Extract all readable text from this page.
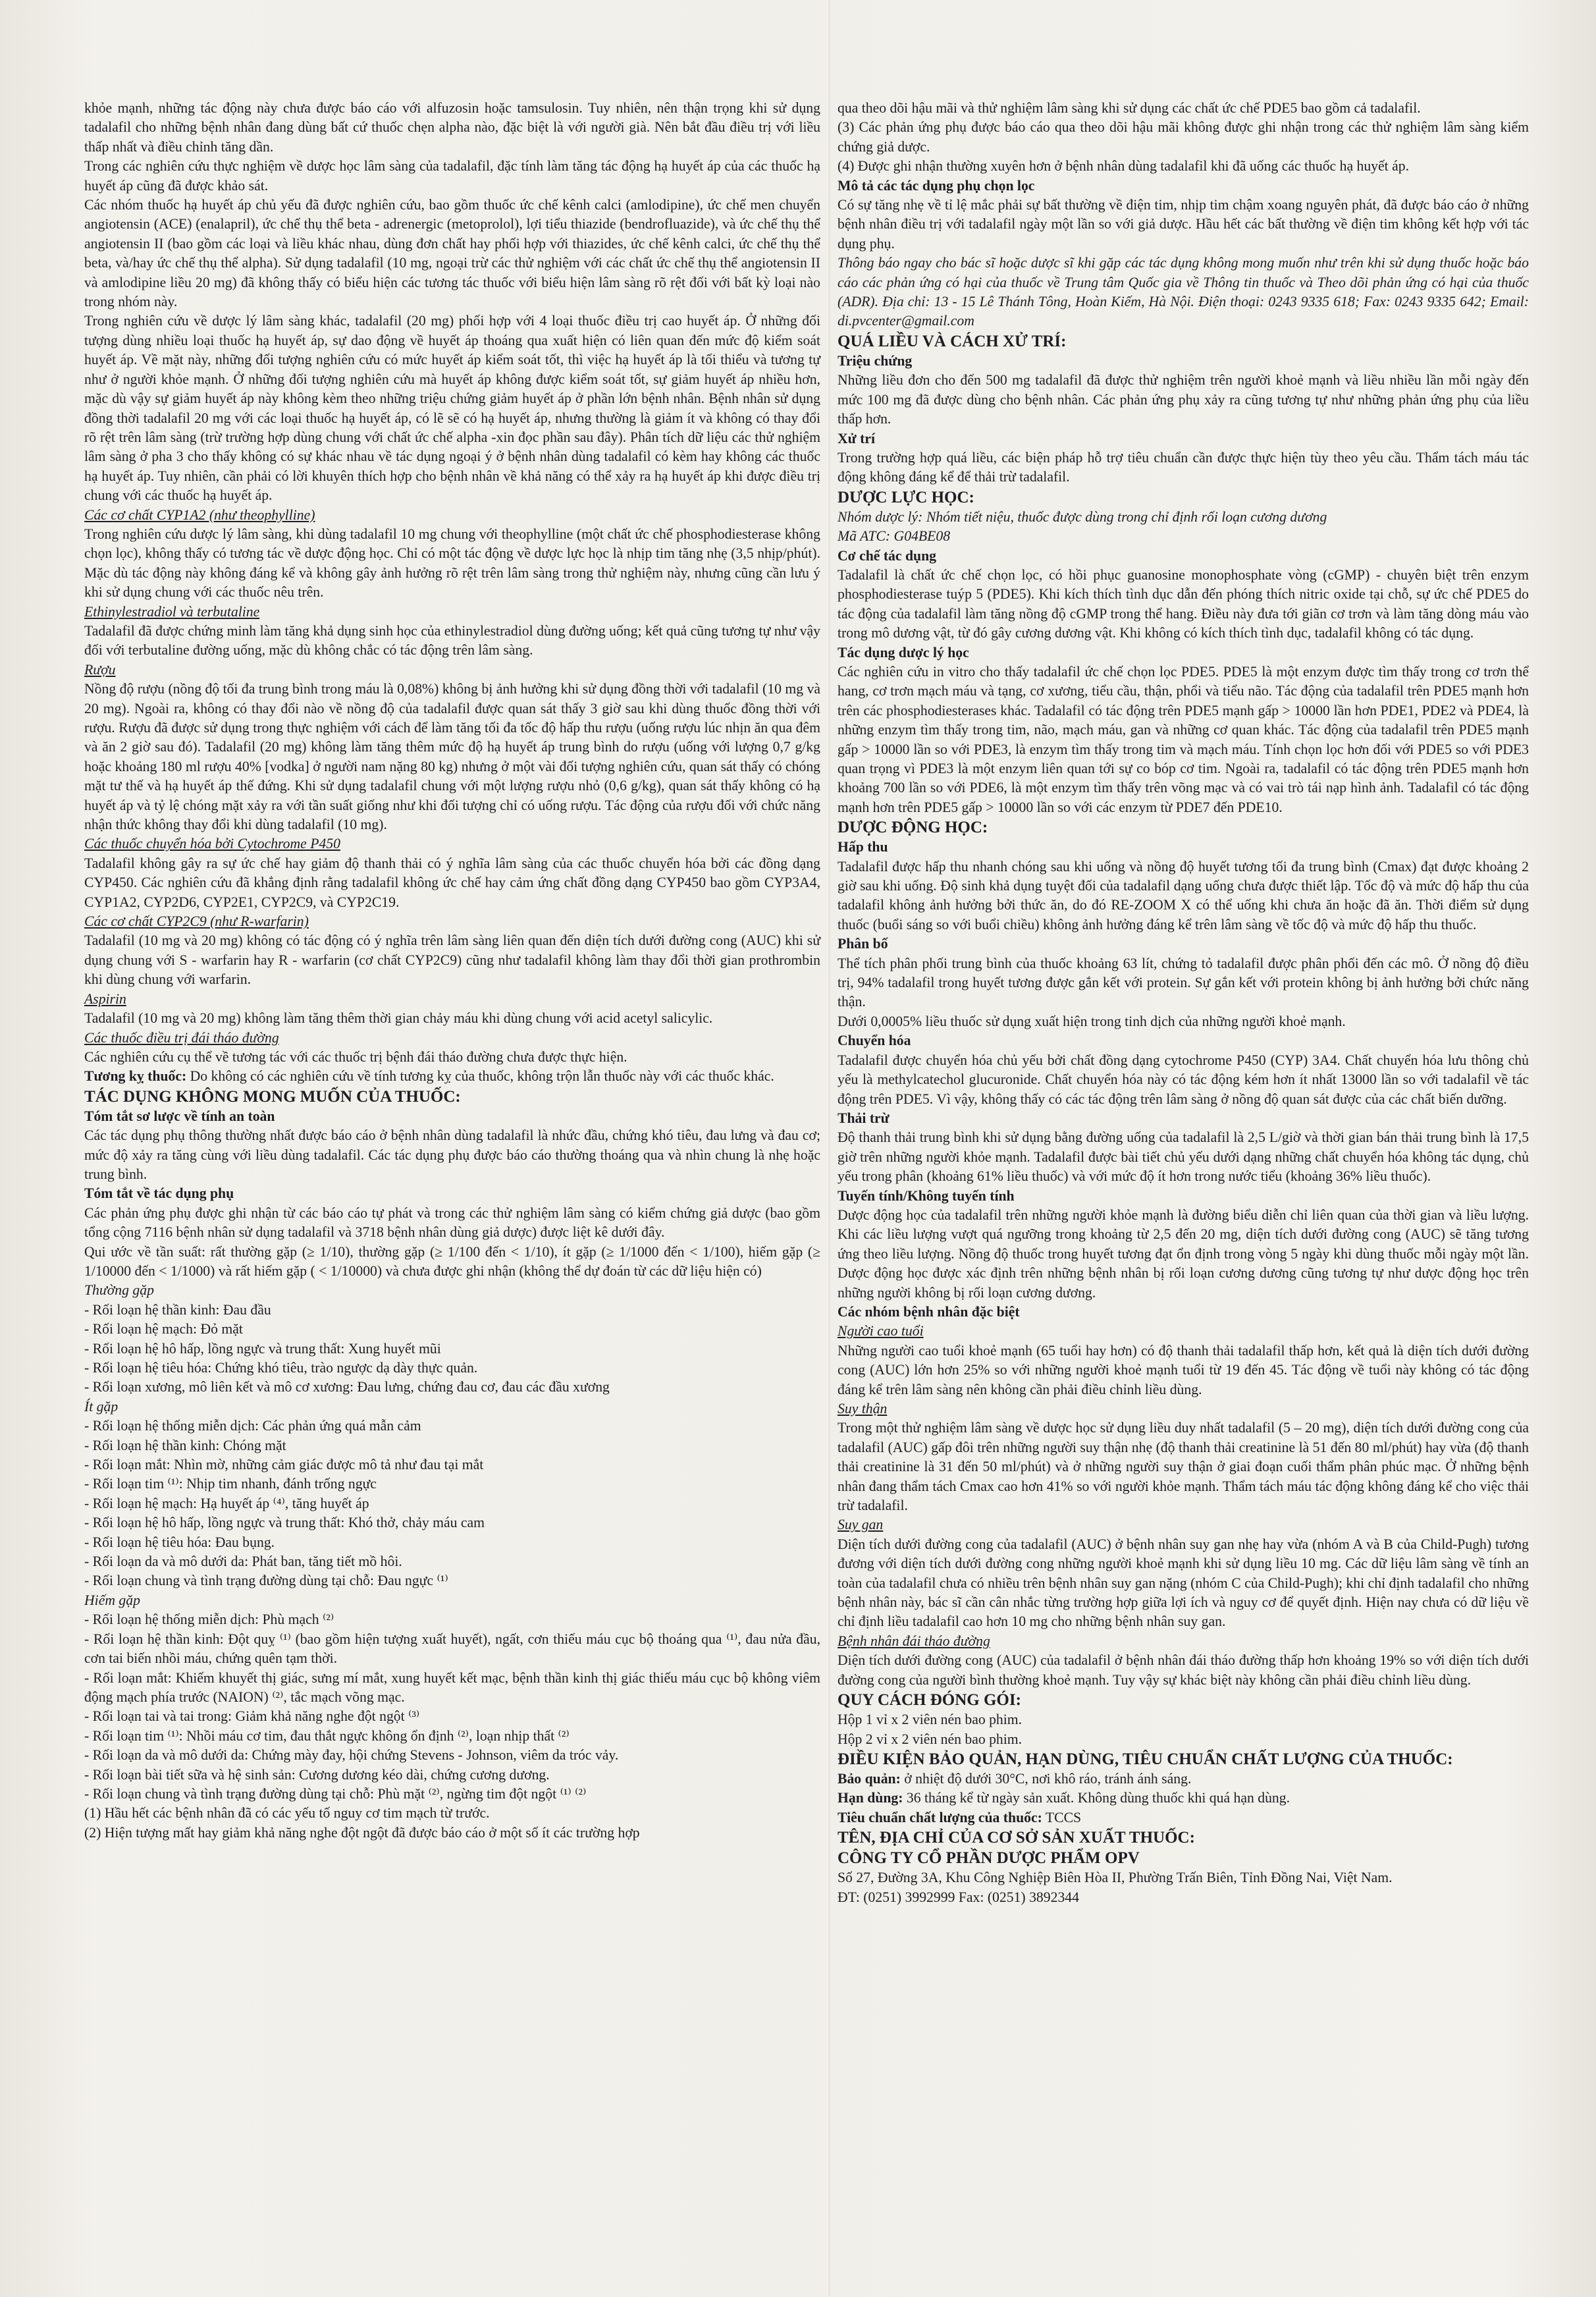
khỏe mạnh, những tác động này chưa được báo cáo với alfuzosin hoặc tamsulosin. Tuy nhiên, nên thận trọng khi sử dụng tadalafil cho những bệnh nhân đang dùng bất cứ thuốc chẹn alpha nào, đặc biệt là với người già. Nên bắt đầu điều trị với liều thấp nhất và điều chỉnh tăng dần.

Trong các nghiên cứu thực nghiệm về dược học lâm sàng của tadalafil, đặc tính làm tăng tác động hạ huyết áp của các thuốc hạ huyết áp cũng đã được khảo sát.

Các nhóm thuốc hạ huyết áp chủ yếu đã được nghiên cứu, bao gồm thuốc ức chế kênh calci (amlodipine), ức chế men chuyển angiotensin (ACE) (enalapril), ức chế thụ thể beta - adrenergic (metoprolol), lợi tiểu thiazide (bendrofluazide), và ức chế thụ thể angiotensin II (bao gồm các loại và liều khác nhau, dùng đơn chất hay phối hợp với thiazides, ức chế kênh calci, ức chế thụ thể beta, và/hay ức chế thụ thể alpha). Sử dụng tadalafil (10 mg, ngoại trừ các thử nghiệm với các chất ức chế thụ thể angiotensin II và amlodipine liều 20 mg) đã không thấy có biểu hiện các tương tác thuốc với biểu hiện lâm sàng rõ rệt đối với bất kỳ loại nào trong nhóm này.

Trong nghiên cứu về dược lý lâm sàng khác, tadalafil (20 mg) phối hợp với 4 loại thuốc điều trị cao huyết áp. Ở những đối tượng dùng nhiều loại thuốc hạ huyết áp, sự dao động về huyết áp thoáng qua xuất hiện có liên quan đến mức độ kiểm soát huyết áp. Về mặt này, những đối tượng nghiên cứu có mức huyết áp kiểm soát tốt, thì việc hạ huyết áp là tối thiểu và tương tự như ở người khỏe mạnh. Ở những đối tượng nghiên cứu mà huyết áp không được kiểm soát tốt, sự giảm huyết áp nhiều hơn, mặc dù vậy sự giảm huyết áp này không kèm theo những triệu chứng giảm huyết áp ở phần lớn bệnh nhân. Bệnh nhân sử dụng đồng thời tadalafil 20 mg với các loại thuốc hạ huyết áp, có lẽ sẽ có hạ huyết áp, nhưng thường là giảm ít và không có thay đổi rõ rệt trên lâm sàng (trừ trường hợp dùng chung với chất ức chế alpha -xin đọc phần sau đây). Phân tích dữ liệu các thử nghiệm lâm sàng ở pha 3 cho thấy không có sự khác nhau về tác dụng ngoại ý ở bệnh nhân dùng tadalafil có kèm hay không các thuốc hạ huyết áp. Tuy nhiên, cần phải có lời khuyên thích hợp cho bệnh nhân về khả năng có thể xảy ra hạ huyết áp khi được điều trị chung với các thuốc hạ huyết áp.

Các cơ chất CYP1A2 (như theophylline)

Trong nghiên cứu dược lý lâm sàng, khi dùng tadalafil 10 mg chung với theophylline (một chất ức chế phosphodiesterase không chọn lọc), không thấy có tương tác về dược động học. Chỉ có một tác động về dược lực học là nhịp tim tăng nhẹ (3,5 nhịp/phút). Mặc dù tác động này không đáng kể và không gây ảnh hưởng rõ rệt trên lâm sàng trong thử nghiệm này, nhưng cũng cần lưu ý khi sử dụng chung với các thuốc nêu trên.

Ethinylestradiol và terbutaline

Tadalafil đã được chứng minh làm tăng khả dụng sinh học của ethinylestradiol dùng đường uống; kết quả cũng tương tự như vậy đối với terbutaline đường uống, mặc dù không chắc có tác động trên lâm sàng.

Rượu

Nồng độ rượu (nồng độ tối đa trung bình trong máu là 0,08%) không bị ảnh hưởng khi sử dụng đồng thời với tadalafil (10 mg và 20 mg). Ngoài ra, không có thay đổi nào về nồng độ của tadalafil được quan sát thấy 3 giờ sau khi dùng thuốc đồng thời với rượu. Rượu đã được sử dụng trong thực nghiệm với cách để làm tăng tối đa tốc độ hấp thu rượu (uống rượu lúc nhịn ăn qua đêm và ăn 2 giờ sau đó). Tadalafil (20 mg) không làm tăng thêm mức độ hạ huyết áp trung bình do rượu (uống với lượng 0,7 g/kg hoặc khoảng 180 ml rượu 40% [vodka] ở người nam nặng 80 kg) nhưng ở một vài đối tượng nghiên cứu, quan sát thấy có chóng mặt tư thế và hạ huyết áp thế đứng. Khi sử dụng tadalafil chung với một lượng rượu nhỏ (0,6 g/kg), quan sát thấy không có hạ huyết áp và tỷ lệ chóng mặt xảy ra với tần suất giống như khi đối tượng chỉ có uống rượu. Tác động của rượu đối với chức năng nhận thức không thay đổi khi dùng tadalafil (10 mg).

Các thuốc chuyển hóa bởi Cytochrome P450

Tadalafil không gây ra sự ức chế hay giảm độ thanh thải có ý nghĩa lâm sàng của các thuốc chuyển hóa bởi các đồng dạng CYP450. Các nghiên cứu đã khẳng định rằng tadalafil không ức chế hay cảm ứng chất đồng dạng CYP450 bao gồm CYP3A4, CYP1A2, CYP2D6, CYP2E1, CYP2C9, và CYP2C19.

Các cơ chất CYP2C9 (như R-warfarin)

Tadalafil (10 mg và 20 mg) không có tác động có ý nghĩa trên lâm sàng liên quan đến diện tích dưới đường cong (AUC) khi sử dụng chung với S - warfarin hay R - warfarin (cơ chất CYP2C9) cũng như tadalafil không làm thay đổi thời gian prothrombin khi dùng chung với warfarin.

Aspirin

Tadalafil (10 mg và 20 mg) không làm tăng thêm thời gian chảy máu khi dùng chung với acid acetyl salicylic.

Các thuốc điều trị đái tháo đường

Các nghiên cứu cụ thể về tương tác với các thuốc trị bệnh đái tháo đường chưa được thực hiện.

Tương kỵ thuốc: Do không có các nghiên cứu về tính tương kỵ của thuốc, không trộn lẫn thuốc này với các thuốc khác.

TÁC DỤNG KHÔNG MONG MUỐN CỦA THUỐC:

Tóm tắt sơ lược về tính an toàn

Các tác dụng phụ thông thường nhất được báo cáo ở bệnh nhân dùng tadalafil là nhức đầu, chứng khó tiêu, đau lưng và đau cơ; mức độ xảy ra tăng cùng với liều dùng tadalafil. Các tác dụng phụ được báo cáo thường thoáng qua và nhìn chung là nhẹ hoặc trung bình.

Tóm tắt về tác dụng phụ

Các phản ứng phụ được ghi nhận từ các báo cáo tự phát và trong các thử nghiệm lâm sàng có kiểm chứng giả dược (bao gồm tổng cộng 7116 bệnh nhân sử dụng tadalafil và 3718 bệnh nhân dùng giả dược) được liệt kê dưới đây.

Qui ước về tần suất: rất thường gặp (≥ 1/10), thường gặp (≥ 1/100 đến < 1/10), ít gặp (≥ 1/1000 đến < 1/100), hiếm gặp (≥ 1/10000 đến < 1/1000) và rất hiếm gặp ( < 1/10000) và chưa được ghi nhận (không thể dự đoán từ các dữ liệu hiện có)

Thường gặp

- Rối loạn hệ thần kinh: Đau đầu

- Rối loạn hệ mạch: Đỏ mặt

- Rối loạn hệ hô hấp, lồng ngực và trung thất: Xung huyết mũi

- Rối loạn hệ tiêu hóa: Chứng khó tiêu, trào ngược dạ dày thực quản.

- Rối loạn xương, mô liên kết và mô cơ xương: Đau lưng, chứng đau cơ, đau các đầu xương

Ít gặp

- Rối loạn hệ thống miễn dịch: Các phản ứng quá mẫn cảm

- Rối loạn hệ thần kinh: Chóng mặt

- Rối loạn mắt: Nhìn mờ, những cảm giác được mô tả như đau tại mắt

- Rối loạn tim ⁽¹⁾: Nhịp tim nhanh, đánh trống ngực

- Rối loạn hệ mạch: Hạ huyết áp ⁽⁴⁾, tăng huyết áp

- Rối loạn hệ hô hấp, lồng ngực và trung thất: Khó thở, chảy máu cam

- Rối loạn hệ tiêu hóa: Đau bụng.

- Rối loạn da và mô dưới da: Phát ban, tăng tiết mồ hôi.

- Rối loạn chung và tình trạng đường dùng tại chỗ: Đau ngực ⁽¹⁾

Hiếm gặp

- Rối loạn hệ thống miễn dịch: Phù mạch ⁽²⁾

- Rối loạn hệ thần kinh: Đột quỵ ⁽¹⁾ (bao gồm hiện tượng xuất huyết), ngất, cơn thiếu máu cục bộ thoáng qua ⁽¹⁾, đau nửa đầu, cơn tai biến nhồi máu, chứng quên tạm thời.

- Rối loạn mắt: Khiếm khuyết thị giác, sưng mí mắt, xung huyết kết mạc, bệnh thần kinh thị giác thiếu máu cục bộ không viêm động mạch phía trước (NAION) ⁽²⁾, tắc mạch võng mạc.

- Rối loạn tai và tai trong: Giảm khả năng nghe đột ngột ⁽³⁾

- Rối loạn tim ⁽¹⁾: Nhồi máu cơ tim, đau thắt ngực không ổn định ⁽²⁾, loạn nhịp thất ⁽²⁾

- Rối loạn da và mô dưới da: Chứng mày đay, hội chứng Stevens - Johnson, viêm da tróc vảy.

- Rối loạn bài tiết sữa và hệ sinh sản: Cương dương kéo dài, chứng cương dương.

- Rối loạn chung và tình trạng đường dùng tại chỗ: Phù mặt ⁽²⁾, ngừng tim đột ngột ⁽¹⁾ ⁽²⁾

(1) Hầu hết các bệnh nhân đã có các yếu tố nguy cơ tim mạch từ trước.

(2) Hiện tượng mất hay giảm khả năng nghe đột ngột đã được báo cáo ở một số ít các trường hợp

qua theo dõi hậu mãi và thử nghiệm lâm sàng khi sử dụng các chất ức chế PDE5 bao gồm cả tadalafil.

(3) Các phản ứng phụ được báo cáo qua theo dõi hậu mãi không được ghi nhận trong các thử nghiệm lâm sàng kiểm chứng giả dược.

(4) Được ghi nhận thường xuyên hơn ở bệnh nhân dùng tadalafil khi đã uống các thuốc hạ huyết áp.

Mô tả các tác dụng phụ chọn lọc

Có sự tăng nhẹ về tỉ lệ mắc phải sự bất thường về điện tim, nhịp tim chậm xoang nguyên phát, đã được báo cáo ở những bệnh nhân điều trị với tadalafil ngày một lần so với giả dược. Hầu hết các bất thường về điện tim không kết hợp với tác dụng phụ.

Thông báo ngay cho bác sĩ hoặc dược sĩ khi gặp các tác dụng không mong muốn như trên khi sử dụng thuốc hoặc báo cáo các phản ứng có hại của thuốc về Trung tâm Quốc gia về Thông tin thuốc và Theo dõi phản ứng có hại của thuốc (ADR). Địa chỉ: 13 - 15 Lê Thánh Tông, Hoàn Kiếm, Hà Nội. Điện thoại: 0243 9335 618; Fax: 0243 9335 642; Email: di.pvcenter@gmail.com

QUÁ LIỀU VÀ CÁCH XỬ TRÍ:

Triệu chứng

Những liều đơn cho đến 500 mg tadalafil đã được thử nghiệm trên người khoẻ mạnh và liều nhiều lần mỗi ngày đến mức 100 mg đã được dùng cho bệnh nhân. Các phản ứng phụ xảy ra cũng tương tự như những phản ứng phụ của liều thấp hơn.

Xử trí

Trong trường hợp quá liều, các biện pháp hỗ trợ tiêu chuẩn cần được thực hiện tùy theo yêu cầu. Thẩm tách máu tác động không đáng kể để thải trừ tadalafil.

DƯỢC LỰC HỌC:

Nhóm dược lý: Nhóm tiết niệu, thuốc được dùng trong chỉ định rối loạn cương dương

Mã ATC: G04BE08

Cơ chế tác dụng

Tadalafil là chất ức chế chọn lọc, có hồi phục guanosine monophosphate vòng (cGMP) - chuyên biệt trên enzym phosphodiesterase tuýp 5 (PDE5). Khi kích thích tình dục dẫn đến phóng thích nitric oxide tại chỗ, sự ức chế PDE5 do tác động của tadalafil làm tăng nồng độ cGMP trong thể hang. Điều này đưa tới giãn cơ trơn và làm tăng dòng máu vào trong mô dương vật, từ đó gây cương dương vật. Khi không có kích thích tình dục, tadalafil không có tác dụng.

Tác dụng dược lý học

Các nghiên cứu in vitro cho thấy tadalafil ức chế chọn lọc PDE5. PDE5 là một enzym được tìm thấy trong cơ trơn thể hang, cơ trơn mạch máu và tạng, cơ xương, tiểu cầu, thận, phổi và tiểu não. Tác động của tadalafil trên PDE5 mạnh hơn trên các phosphodiesterases khác. Tadalafil có tác động trên PDE5 mạnh gấp > 10000 lần hơn PDE1, PDE2 và PDE4, là những enzym tìm thấy trong tim, não, mạch máu, gan và những cơ quan khác. Tác động của tadalafil trên PDE5 mạnh gấp > 10000 lần so với PDE3, là enzym tìm thấy trong tim và mạch máu. Tính chọn lọc hơn đối với PDE5 so với PDE3 quan trọng vì PDE3 là một enzym liên quan tới sự co bóp cơ tim. Ngoài ra, tadalafil có tác động trên PDE5 mạnh hơn khoảng 700 lần so với PDE6, là một enzym tìm thấy trên võng mạc và có vai trò tái nạp hình ảnh. Tadalafil có tác động mạnh hơn trên PDE5 gấp > 10000 lần so với các enzym từ PDE7 đến PDE10.

DƯỢC ĐỘNG HỌC:

Hấp thu

Tadalafil được hấp thu nhanh chóng sau khi uống và nồng độ huyết tương tối đa trung bình (Cmax) đạt được khoảng 2 giờ sau khi uống. Độ sinh khả dụng tuyệt đối của tadalafil dạng uống chưa được thiết lập. Tốc độ và mức độ hấp thu của tadalafil không ảnh hưởng bởi thức ăn, do đó RE-ZOOM X có thể uống khi chưa ăn hoặc đã ăn. Thời điểm sử dụng thuốc (buổi sáng so với buổi chiều) không ảnh hưởng đáng kể trên lâm sàng về tốc độ và mức độ hấp thu thuốc.

Phân bố

Thể tích phân phối trung bình của thuốc khoảng 63 lít, chứng tỏ tadalafil được phân phối đến các mô. Ở nồng độ điều trị, 94% tadalafil trong huyết tương được gắn kết với protein. Sự gắn kết với protein không bị ảnh hưởng bởi chức năng thận.

Dưới 0,0005% liều thuốc sử dụng xuất hiện trong tinh dịch của những người khoẻ mạnh.

Chuyển hóa

Tadalafil được chuyển hóa chủ yếu bởi chất đồng dạng cytochrome P450 (CYP) 3A4. Chất chuyển hóa lưu thông chủ yếu là methylcatechol glucuronide. Chất chuyển hóa này có tác động kém hơn ít nhất 13000 lần so với tadalafil về tác động trên PDE5. Vì vậy, không thấy có các tác động trên lâm sàng ở nồng độ quan sát được của các chất biến dưỡng.

Thải trừ

Độ thanh thải trung bình khi sử dụng bằng đường uống của tadalafil là 2,5 L/giờ và thời gian bán thải trung bình là 17,5 giờ trên những người khỏe mạnh. Tadalafil được bài tiết chủ yếu dưới dạng những chất chuyển hóa không tác dụng, chủ yếu trong phân (khoảng 61% liều thuốc) và với mức độ ít hơn trong nước tiểu (khoảng 36% liều thuốc).

Tuyến tính/Không tuyến tính

Dược động học của tadalafil trên những người khỏe mạnh là đường biểu diễn chỉ liên quan của thời gian và liều lượng. Khi các liều lượng vượt quá ngưỡng trong khoảng từ 2,5 đến 20 mg, diện tích dưới đường cong (AUC) sẽ tăng tương ứng theo liều lượng. Nồng độ thuốc trong huyết tương đạt ổn định trong vòng 5 ngày khi dùng thuốc mỗi ngày một lần. Dược động học được xác định trên những bệnh nhân bị rối loạn cương dương cũng tương tự như dược động học trên những người không bị rối loạn cương dương.

Các nhóm bệnh nhân đặc biệt

Người cao tuổi

Những người cao tuổi khoẻ mạnh (65 tuổi hay hơn) có độ thanh thải tadalafil thấp hơn, kết quả là diện tích dưới đường cong (AUC) lớn hơn 25% so với những người khoẻ mạnh tuổi từ 19 đến 45. Tác động về tuổi này không có tác động đáng kể trên lâm sàng nên không cần phải điều chỉnh liều dùng.

Suy thận

Trong một thử nghiệm lâm sàng về dược học sử dụng liều duy nhất tadalafil (5 – 20 mg), diện tích dưới đường cong của tadalafil (AUC) gấp đôi trên những người suy thận nhẹ (độ thanh thải creatinine là 51 đến 80 ml/phút) hay vừa (độ thanh thải creatinine là 31 đến 50 ml/phút) và ở những người suy thận ở giai đoạn cuối thẩm phân phúc mạc. Ở những bệnh nhân đang thẩm tách Cmax cao hơn 41% so với người khỏe mạnh. Thẩm tách máu tác động không đáng kể cho việc thải trừ tadalafil.

Suy gan

Diện tích dưới đường cong của tadalafil (AUC) ở bệnh nhân suy gan nhẹ hay vừa (nhóm A và B của Child-Pugh) tương đương với diện tích dưới đường cong những người khoẻ mạnh khi sử dụng liều 10 mg. Các dữ liệu lâm sàng về tính an toàn của tadalafil chưa có nhiều trên bệnh nhân suy gan nặng (nhóm C của Child-Pugh); khi chỉ định tadalafil cho những bệnh nhân này, bác sĩ cần cân nhắc từng trường hợp giữa lợi ích và nguy cơ để quyết định. Hiện nay chưa có dữ liệu về chỉ định liều tadalafil cao hơn 10 mg cho những bệnh nhân suy gan.

Bệnh nhân đái tháo đường

Diện tích dưới đường cong (AUC) của tadalafil ở bệnh nhân đái tháo đường thấp hơn khoảng 19% so với diện tích dưới đường cong của người bình thường khoẻ mạnh. Tuy vậy sự khác biệt này không cần phải điều chỉnh liều dùng.

QUY CÁCH ĐÓNG GÓI:

Hộp 1 vỉ x 2 viên nén bao phim.

Hộp 2 vỉ x 2 viên nén bao phim.

ĐIỀU KIỆN BẢO QUẢN, HẠN DÙNG, TIÊU CHUẨN CHẤT LƯỢNG CỦA THUỐC:

Bảo quản: ở nhiệt độ dưới 30°C, nơi khô ráo, tránh ánh sáng.

Hạn dùng: 36 tháng kể từ ngày sản xuất. Không dùng thuốc khi quá hạn dùng.

Tiêu chuẩn chất lượng của thuốc: TCCS

TÊN, ĐỊA CHỈ CỦA CƠ SỞ SẢN XUẤT THUỐC:

CÔNG TY CỔ PHẦN DƯỢC PHẨM OPV

Số 27, Đường 3A, Khu Công Nghiệp Biên Hòa II, Phường Trấn Biên, Tỉnh Đồng Nai, Việt Nam.

ĐT: (0251) 3992999 Fax: (0251) 3892344
